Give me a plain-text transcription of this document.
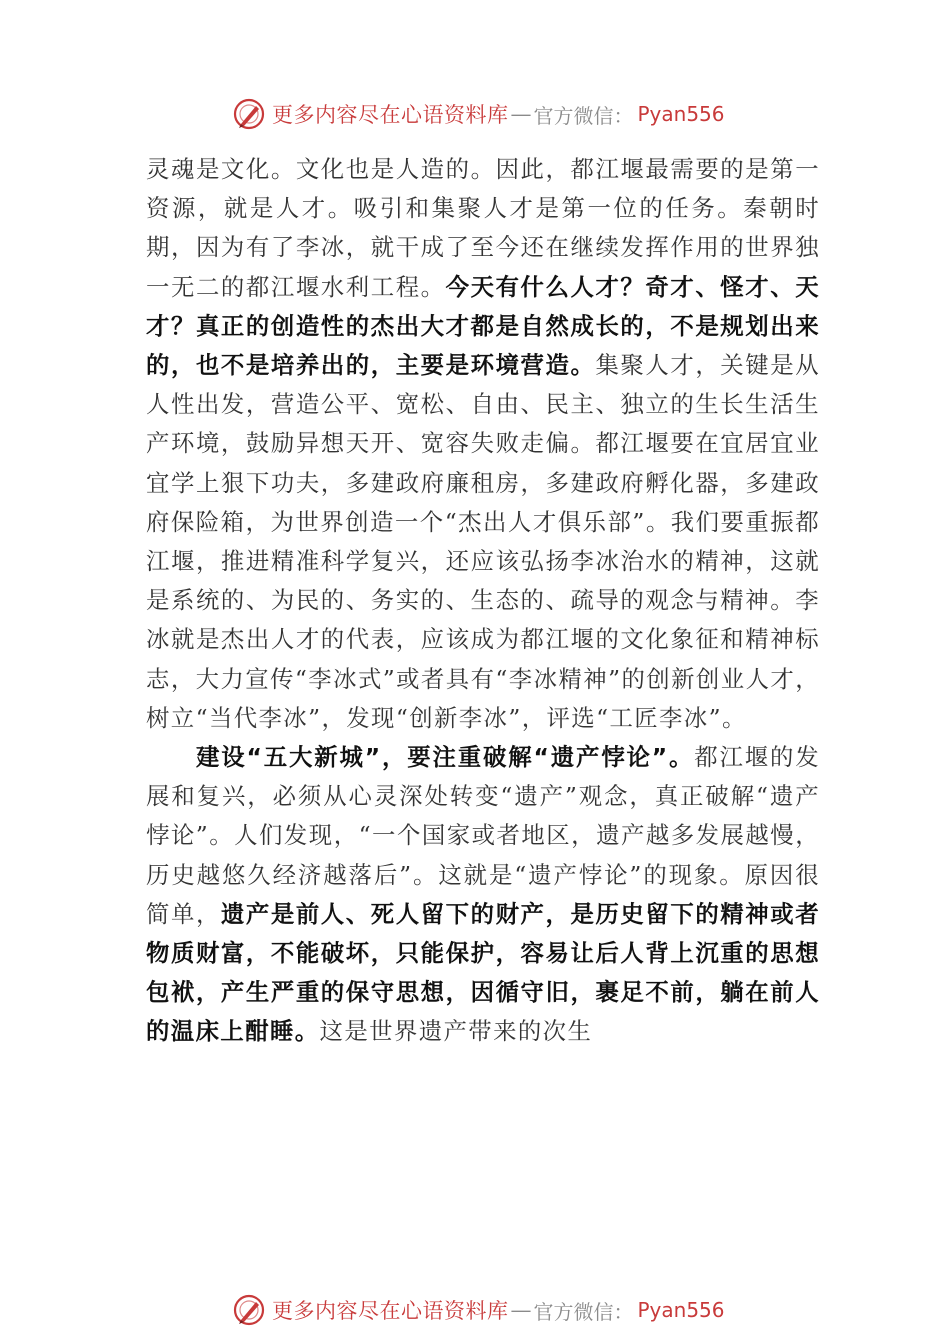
更多内容尽在心语资料库 — 官方微信： Pyan556

灵魂是文化。文化也是人造的。因此，都江堰最需要的是第一资源，就是人才。吸引和集聚人才是第一位的任务。秦朝时期，因为有了李冰，就干成了至今还在继续发挥作用的世界独一无二的都江堰水利工程。今天有什么人才？奇才、怪才、天才？真正的创造性的杰出大才都是自然成长的，不是规划出来的，也不是培养出的，主要是环境营造。集聚人才，关键是从人性出发，营造公平、宽松、自由、民主、独立的生长生活生产环境，鼓励异想天开、宽容失败走偏。都江堰要在宜居宜业宜学上狠下功夫，多建政府廉租房，多建政府孵化器，多建政府保险箱，为世界创造一个“杰出人才俱乐部”。我们要重振都江堰，推进精准科学复兴，还应该弘扬李冰治水的精神，这就是系统的、为民的、务实的、生态的、疏导的观念与精神。李冰就是杰出人才的代表，应该成为都江堰的文化象征和精神标志，大力宣传“李冰式”或者具有“李冰精神”的创新创业人才，树立“当代李冰”，发现“创新李冰”，评选“工匠李冰”。

建设“五大新城”，要注重破解“遗产悖论”。都江堰的发展和复兴，必须从心灵深处转变“遗产”观念，真正破解“遗产悖论”。人们发现，“一个国家或者地区，遗产越多发展越慢，历史越悠久经济越落后”。这就是“遗产悖论”的现象。原因很简单，遗产是前人、死人留下的财产，是历史留下的精神或者物质财富，不能破坏，只能保护，容易让后人背上沉重的思想包袱，产生严重的保守思想，因循守旧，裹足不前，躺在前人的温床上酣睡。这是世界遗产带来的次生

更多内容尽在心语资料库 — 官方微信： Pyan556
